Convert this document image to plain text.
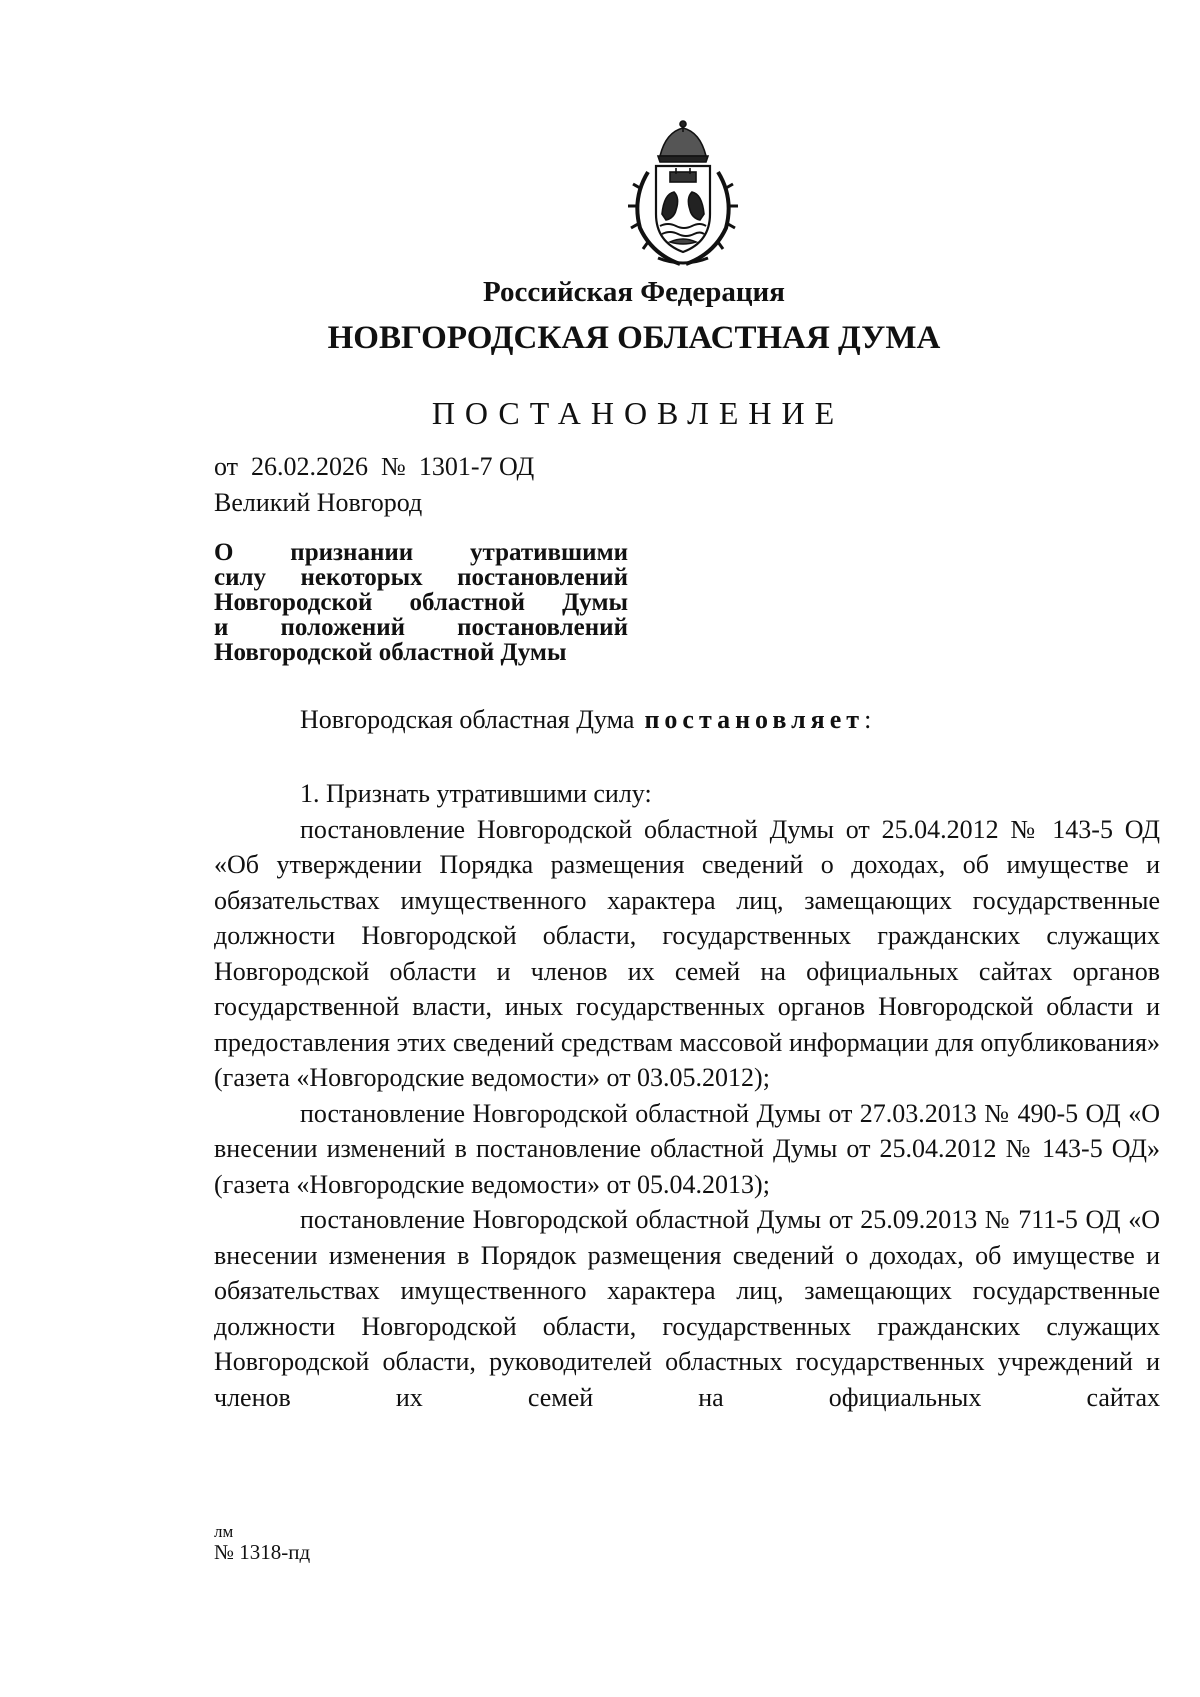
Российская Федерация
НОВГОРОДСКАЯ ОБЛАСТНАЯ ДУМА
ПОСТАНОВЛЕНИЕ
от 26.02.2026 № 1301-7 ОД
Великий Новгород
О признании утратившими
силу некоторых постановлений
Новгородской областной Думы
и положений постановлений
Новгородской областной Думы
Новгородская областная Дума постановляет:

1. Признать утратившими силу:

постановление Новгородской областной Думы от 25.04.2012 № 143-5 ОД «Об утверждении Порядка размещения сведений о доходах, об имуществе и обязательствах имущественного характера лиц, замещающих государственные должности Новгородской области, государственных гражданских служащих Новгородской области и членов их семей на официальных сайтах органов государственной власти, иных государственных органов Новгородской области и предоставления этих сведений средствам массовой информации для опубликования» (газета «Новгородские ведомости» от 03.05.2012);

постановление Новгородской областной Думы от 27.03.2013 № 490-5 ОД «О внесении изменений в постановление областной Думы от 25.04.2012 № 143-5 ОД» (газета «Новгородские ведомости» от 05.04.2013);

постановление Новгородской областной Думы от 25.09.2013 № 711-5 ОД «О внесении изменения в Порядок размещения сведений о доходах, об имуществе и обязательствах имущественного характера лиц, замещающих государственные должности Новгородской области, государственных гражданских служащих Новгородской области, руководителей областных государственных учреждений и членов их семей на официальных сайтах

лм
№ 1318-пд
